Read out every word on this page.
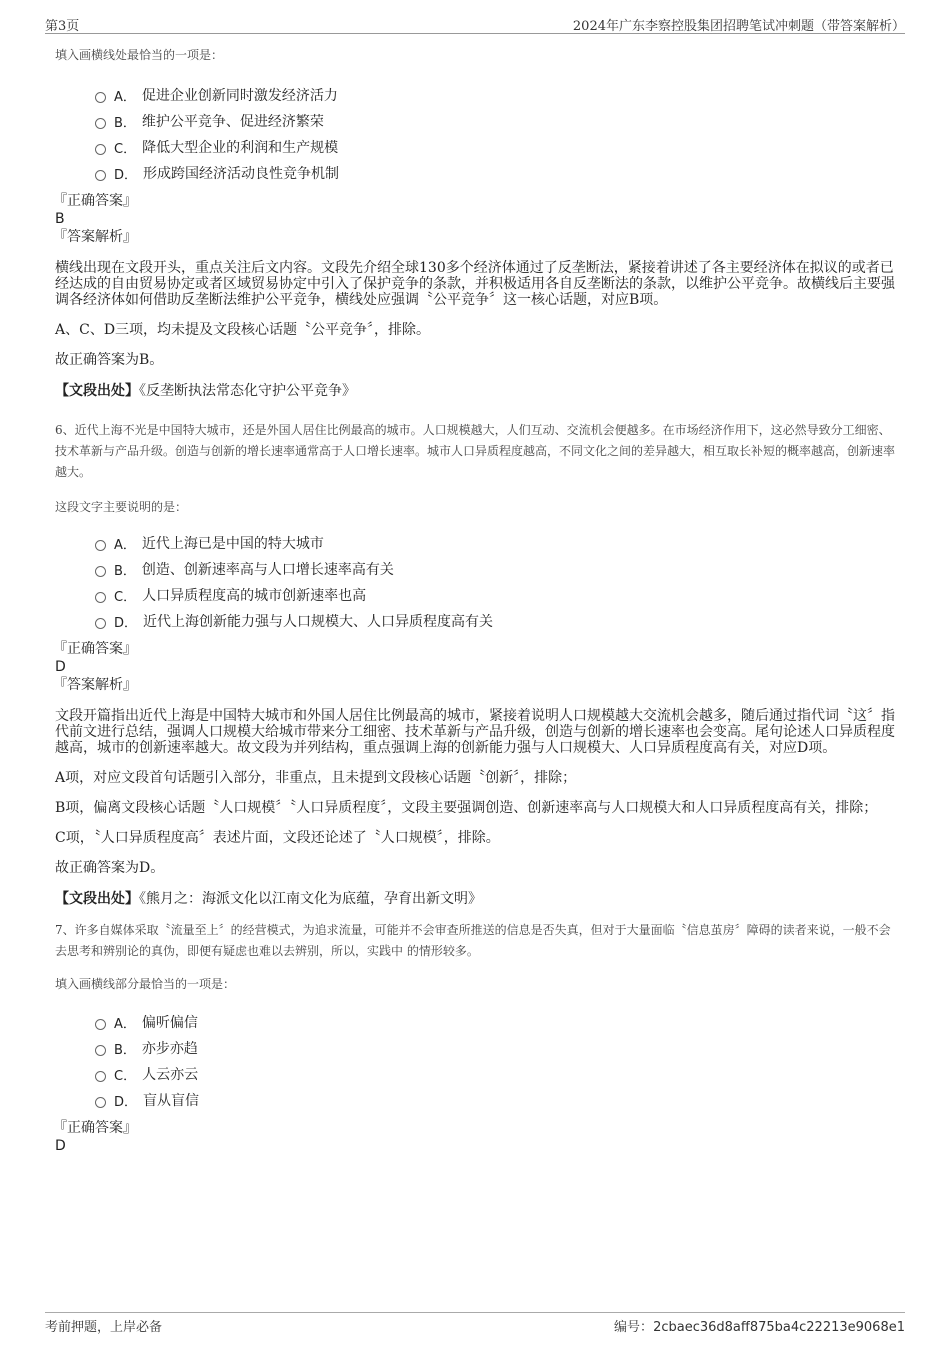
第3页	2024年广东李察控股集团招聘笔试冲刺题（带答案解析）
填入画横线处最恰当的一项是：
A． 促进企业创新同时激发经济活力
B． 维护公平竞争、促进经济繁荣
C． 降低大型企业的利润和生产规模
D． 形成跨国经济活动良性竞争机制
『正确答案』
B
『答案解析』

横线出现在文段开头，重点关注后文内容。文段先介绍全球130多个经济体通过了反垄断法，紧接着讲述了各主要经济体在拟议的或者已经达成的自由贸易协定或者区域贸易协定中引入了保护竞争的条款，并积极适用各自反垄断法的条款，以维护公平竞争。故横线后主要强调各经济体如何借助反垄断法维护公平竞争，横线处应强调〝公平竞争〞这一核心话题，对应B项。

A、C、D三项，均未提及文段核心话题〝公平竞争〞，排除。

故正确答案为B。

【文段出处】《反垄断执法常态化守护公平竞争》
6、近代上海不光是中国特大城市，还是外国人居住比例最高的城市。人口规模越大，人们互动、交流机会便越多。在市场经济作用下，这必然导致分工细密、技术革新与产品升级。创造与创新的增长速率通常高于人口增长速率。城市人口异质程度越高，不同文化之间的差异越大，相互取长补短的概率越高，创新速率越大。
这段文字主要说明的是：
A． 近代上海已是中国的特大城市
B． 创造、创新速率高与人口增长速率高有关
C． 人口异质程度高的城市创新速率也高
D． 近代上海创新能力强与人口规模大、人口异质程度高有关
『正确答案』
D
『答案解析』

文段开篇指出近代上海是中国特大城市和外国人居住比例最高的城市，紧接着说明人口规模越大交流机会越多，随后通过指代词〝这〞指代前文进行总结，强调人口规模大给城市带来分工细密、技术革新与产品升级，创造与创新的增长速率也会变高。尾句论述人口异质程度越高，城市的创新速率越大。故文段为并列结构，重点强调上海的创新能力强与人口规模大、人口异质程度高有关，对应D项。

A项，对应文段首句话题引入部分，非重点，且未提到文段核心话题〝创新〞，排除；

B项，偏离文段核心话题〝人口规模〞〝人口异质程度〞，文段主要强调创造、创新速率高与人口规模大和人口异质程度高有关，排除；

C项，〝人口异质程度高〞表述片面，文段还论述了〝人口规模〞，排除。

故正确答案为D。

【文段出处】《熊月之：海派文化以江南文化为底蕴，孕育出新文明》
7、许多自媒体采取〝流量至上〞的经营模式，为追求流量，可能并不会审查所推送的信息是否失真，但对于大量面临〝信息茧房〞障碍的读者来说，一般不会去思考和辨别论的真伪，即便有疑虑也难以去辨别，所以，实践中 的情形较多。
填入画横线部分最恰当的一项是：
A． 偏听偏信
B． 亦步亦趋
C． 人云亦云
D． 盲从盲信
『正确答案』
D
考前押题，上岸必备	编号：2cbaec36d8aff875ba4c22213e9068e1
